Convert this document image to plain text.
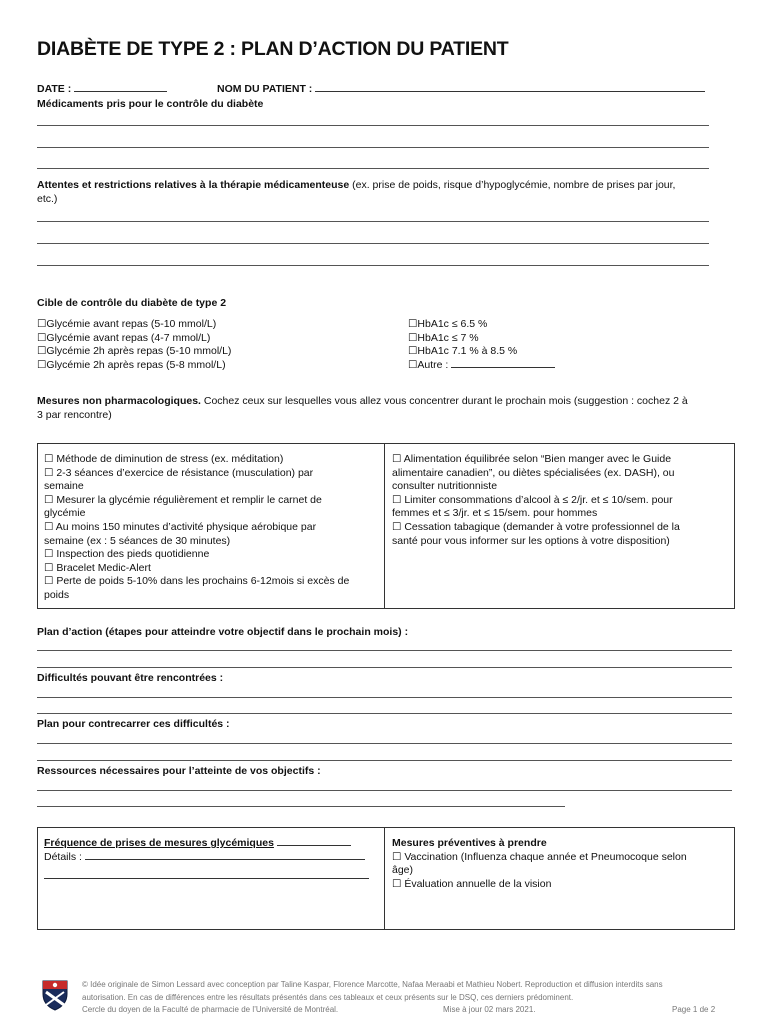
DIABÈTE DE TYPE 2 : PLAN D’ACTION DU PATIENT
DATE :	NOM DU PATIENT :
Médicaments pris pour le contrôle du diabète
Attentes et restrictions relatives à la thérapie médicamenteuse (ex. prise de poids, risque d’hypoglycémie, nombre de prises par jour,
etc.)
Cible de contrôle du diabète de type 2
☐Glycémie avant repas (5-10 mmol/L)
☐Glycémie avant repas (4-7 mmol/L)
☐Glycémie 2h après repas (5-10 mmol/L)
☐Glycémie 2h après repas (5-8 mmol/L)
☐HbA1c ≤ 6.5 %
☐HbA1c ≤ 7 %
☐HbA1c 7.1 % à 8.5 %
☐Autre :
Mesures non pharmacologiques. Cochez ceux sur lesquelles vous allez vous concentrer durant le prochain mois (suggestion : cochez 2 à
3 par rencontre)
☐ Méthode de diminution de stress (ex. méditation)
☐ 2-3 séances d’exercice de résistance (musculation) par
semaine
☐ Mesurer la glycémie régulièrement et remplir le carnet de
glycémie
☐ Au moins 150 minutes d’activité physique aérobique par
semaine (ex : 5 séances de 30 minutes)
☐ Inspection des pieds quotidienne
☐ Bracelet Medic-Alert
☐ Perte de poids 5-10% dans les prochains 6-12mois si excès de
poids
☐ Alimentation équilibrée selon “Bien manger avec le Guide
alimentaire canadien”, ou diètes spécialisées (ex. DASH), ou
consulter nutritionniste
☐ Limiter consommations d’alcool à ≤ 2/jr. et ≤ 10/sem. pour
femmes et ≤ 3/jr. et ≤ 15/sem. pour hommes
☐ Cessation tabagique (demander à votre professionnel de la
santé pour vous informer sur les options à votre disposition)
Plan d’action (étapes pour atteindre votre objectif dans le prochain mois) :
Difficultés pouvant être rencontrées :
Plan pour contrecarrer ces difficultés :
Ressources nécessaires pour l’atteinte de vos objectifs :
Fréquence de prises de mesures glycémiques
Détails :
Mesures préventives à prendre
☐ Vaccination (Influenza chaque année et Pneumocoque selon
âge)
☐ Évaluation annuelle de la vision
© Idée originale de Simon Lessard avec conception par Taline Kaspar, Florence Marcotte, Nafaa Meraabi et Mathieu Nobert. Reproduction et diffusion interdits sans
autorisation. En cas de différences entre les résultats présentés dans ces tableaux et ceux présents sur le DSQ, ces derniers prédominent.
Cercle du doyen de la Faculté de pharmacie de l’Université de Montréal.	Mise à jour 02 mars 2021.	Page 1 de 2
